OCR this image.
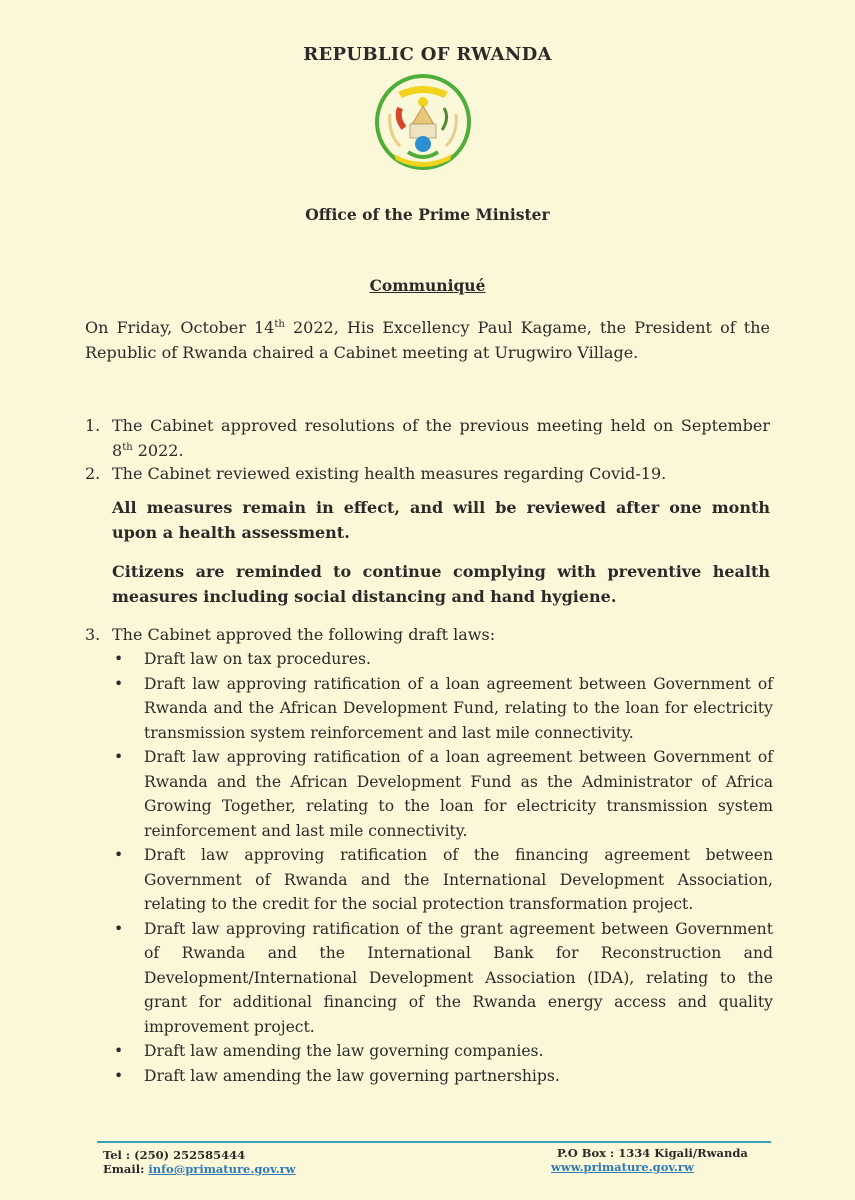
REPUBLIC OF RWANDA
Office of the Prime Minister
Communiqué
On Friday, October 14th 2022, His Excellency Paul Kagame, the President of the Republic of Rwanda chaired a Cabinet meeting at Urugwiro Village.
1. The Cabinet approved resolutions of the previous meeting held on September 8th 2022.
2. The Cabinet reviewed existing health measures regarding Covid-19.
All measures remain in effect, and will be reviewed after one month upon a health assessment.
Citizens are reminded to continue complying with preventive health measures including social distancing and hand hygiene.
3. The Cabinet approved the following draft laws:
•	Draft law on tax procedures.
•	Draft law approving ratification of a loan agreement between Government of Rwanda and the African Development Fund, relating to the loan for electricity transmission system reinforcement and last mile connectivity.
•	Draft law approving ratification of a loan agreement between Government of Rwanda and the African Development Fund as the Administrator of Africa Growing Together, relating to the loan for electricity transmission system reinforcement and last mile connectivity.
•	Draft law approving ratification of the financing agreement between Government of Rwanda and the International Development Association, relating to the credit for the social protection transformation project.
•	Draft law approving ratification of the grant agreement between Government of Rwanda and the International Bank for Reconstruction and Development/International Development Association (IDA), relating to the grant for additional financing of the Rwanda energy access and quality improvement project.
•	Draft law amending the law governing companies.
•	Draft law amending the law governing partnerships.
Tel : (250) 252585444
Email: info@primature.gov.rw
P.O Box : 1334 Kigali/Rwanda
www.primature.gov.rw
